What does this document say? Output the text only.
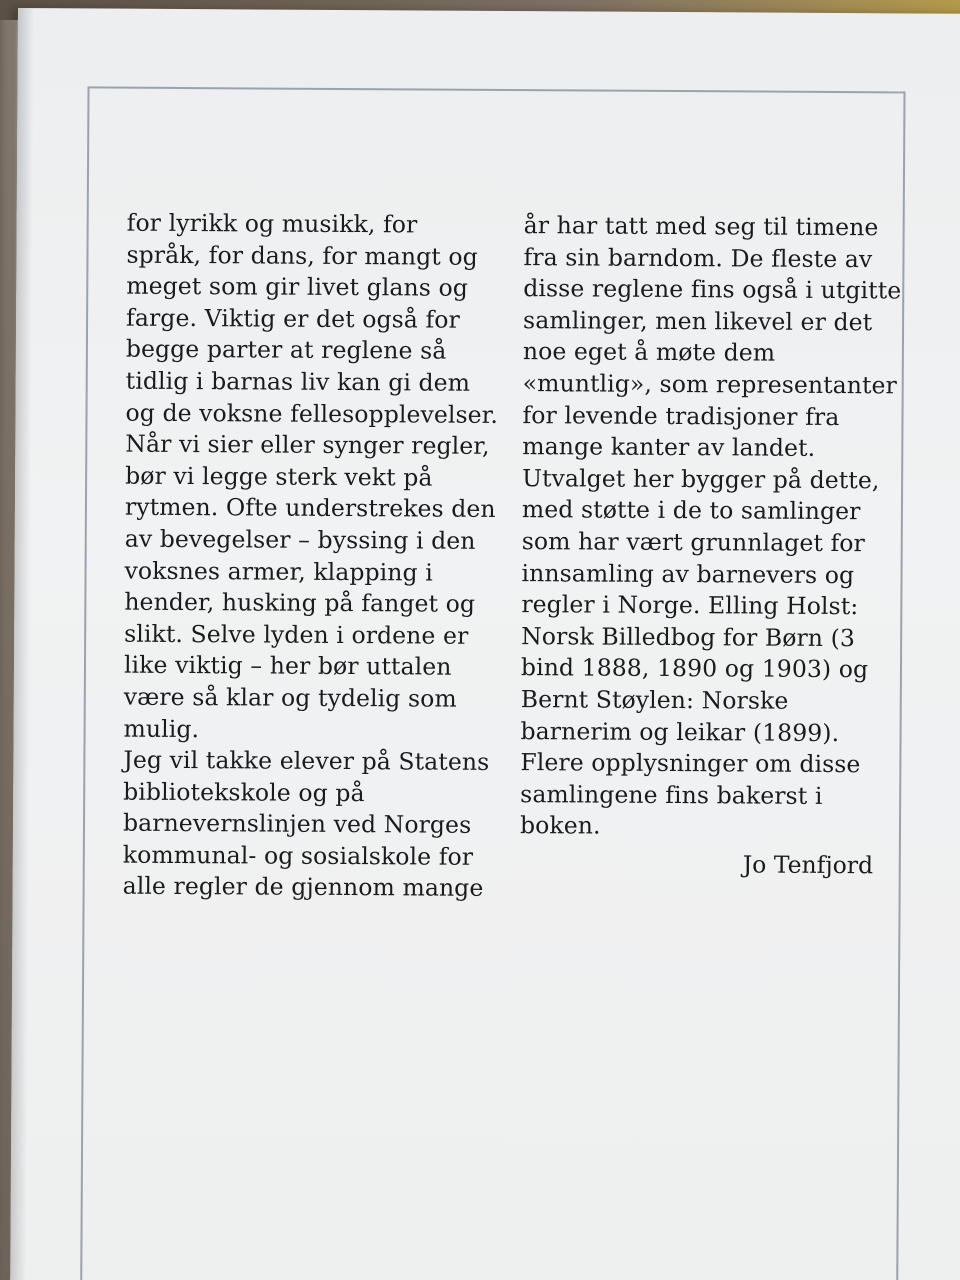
for lyrikk og musikk, for
språk, for dans, for mangt og
meget som gir livet glans og
farge. Viktig er det også for
begge parter at reglene så
tidlig i barnas liv kan gi dem
og de voksne fellesopplevelser.
Når vi sier eller synger regler,
bør vi legge sterk vekt på
rytmen. Ofte understrekes den
av bevegelser – byssing i den
voksnes armer, klapping i
hender, husking på fanget og
slikt. Selve lyden i ordene er
like viktig – her bør uttalen
være så klar og tydelig som
mulig.
Jeg vil takke elever på Statens
bibliotekskole og på
barnevernslinjen ved Norges
kommunal- og sosialskole for
alle regler de gjennom mange
år har tatt med seg til timene
fra sin barndom. De fleste av
disse reglene fins også i utgitte
samlinger, men likevel er det
noe eget å møte dem
«muntlig», som representanter
for levende tradisjoner fra
mange kanter av landet.
Utvalget her bygger på dette,
med støtte i de to samlinger
som har vært grunnlaget for
innsamling av barnevers og
regler i Norge. Elling Holst:
Norsk Billedbog for Børn (3
bind 1888, 1890 og 1903) og
Bernt Støylen: Norske
barnerim og leikar (1899).
Flere opplysninger om disse
samlingene fins bakerst i
boken.
Jo Tenfjord
